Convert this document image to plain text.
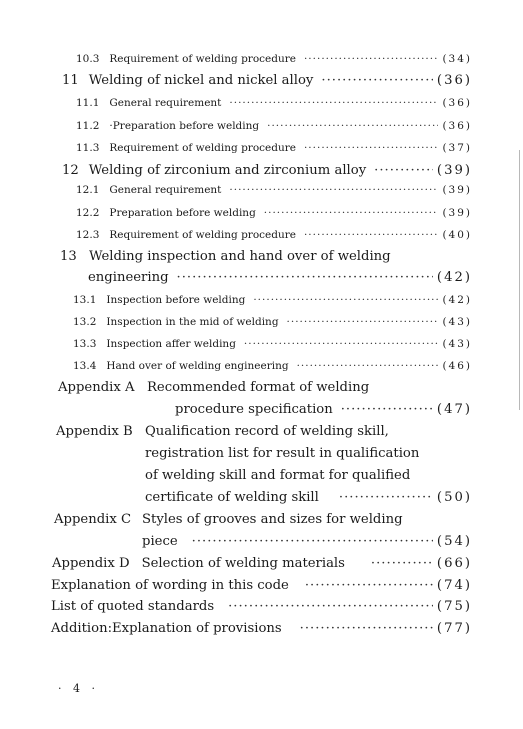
10.3 Requirement of welding procedure ·····	(34)
11 Welding of nickel and nickel alloy ·····	(36)
11.1 General requirement ·····	(36)
11.2 ·Preparation before welding ·····	(36)
11.3 Requirement of welding procedure ·····	(37)
12 Welding of zirconium and zirconium alloy ·····	(39)
12.1 General requirement ·····	(39)
12.2 Preparation before welding ·····	(39)
12.3 Requirement of welding procedure ·····	(40)
13 Welding inspection and hand over of welding
engineering ·····	(42)
13.1 Inspection before welding ·····	(42)
13.2 Inspection in the mid of welding ·····	(43)
13.3 Inspection affer welding ·····	(43)
13.4 Hand over of welding engineering ·····	(46)
Appendix A Recommended format of welding
procedure specification ·····	(47)
Appendix B Qualification record of welding skill,
registration list for result in qualification
of welding skill and format for qualified
certificate of welding skill ·····	(50)
Appendix C Styles of grooves and sizes for welding
piece ·····	(54)
Appendix D Selection of welding materials ·····	(66)
Explanation of wording in this code ·····	(74)
List of quoted standards ·····	(75)
Addition:Explanation of provisions ·····	(77)
· 4 ·
